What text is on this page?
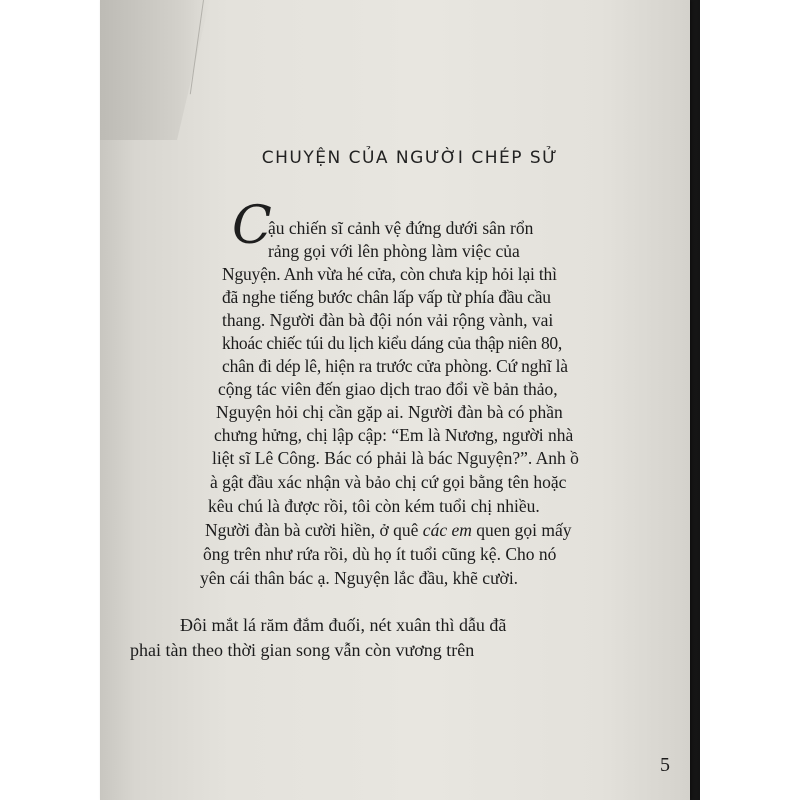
CHUYỆN CỦA NGƯỜI CHÉP SỬ
C
ậu chiến sĩ cảnh vệ đứng dưới sân rổn
rảng gọi với lên phòng làm việc của
Nguyện. Anh vừa hé cửa, còn chưa kịp hỏi lại thì
đã nghe tiếng bước chân lấp vấp từ phía đầu cầu
thang. Người đàn bà đội nón vải rộng vành, vai
khoác chiếc túi du lịch kiểu dáng của thập niên 80,
chân đi dép lê, hiện ra trước cửa phòng. Cứ nghĩ là
cộng tác viên đến giao dịch trao đổi về bản thảo,
Nguyện hỏi chị cần gặp ai. Người đàn bà có phần
chưng hửng, chị lập cập: “Em là Nương, người nhà
liệt sĩ Lê Công. Bác có phải là bác Nguyện?”. Anh ồ
à gật đầu xác nhận và bảo chị cứ gọi bằng tên hoặc
kêu chú là được rồi, tôi còn kém tuổi chị nhiều.
Người đàn bà cười hiền, ở quê các em quen gọi mấy
ông trên như rứa rồi, dù họ ít tuổi cũng kệ. Cho nó
yên cái thân bác ạ. Nguyện lắc đầu, khẽ cười.
Đôi mắt lá răm đắm đuối, nét xuân thì dẫu đã
phai tàn theo thời gian song vẫn còn vương trên
5
